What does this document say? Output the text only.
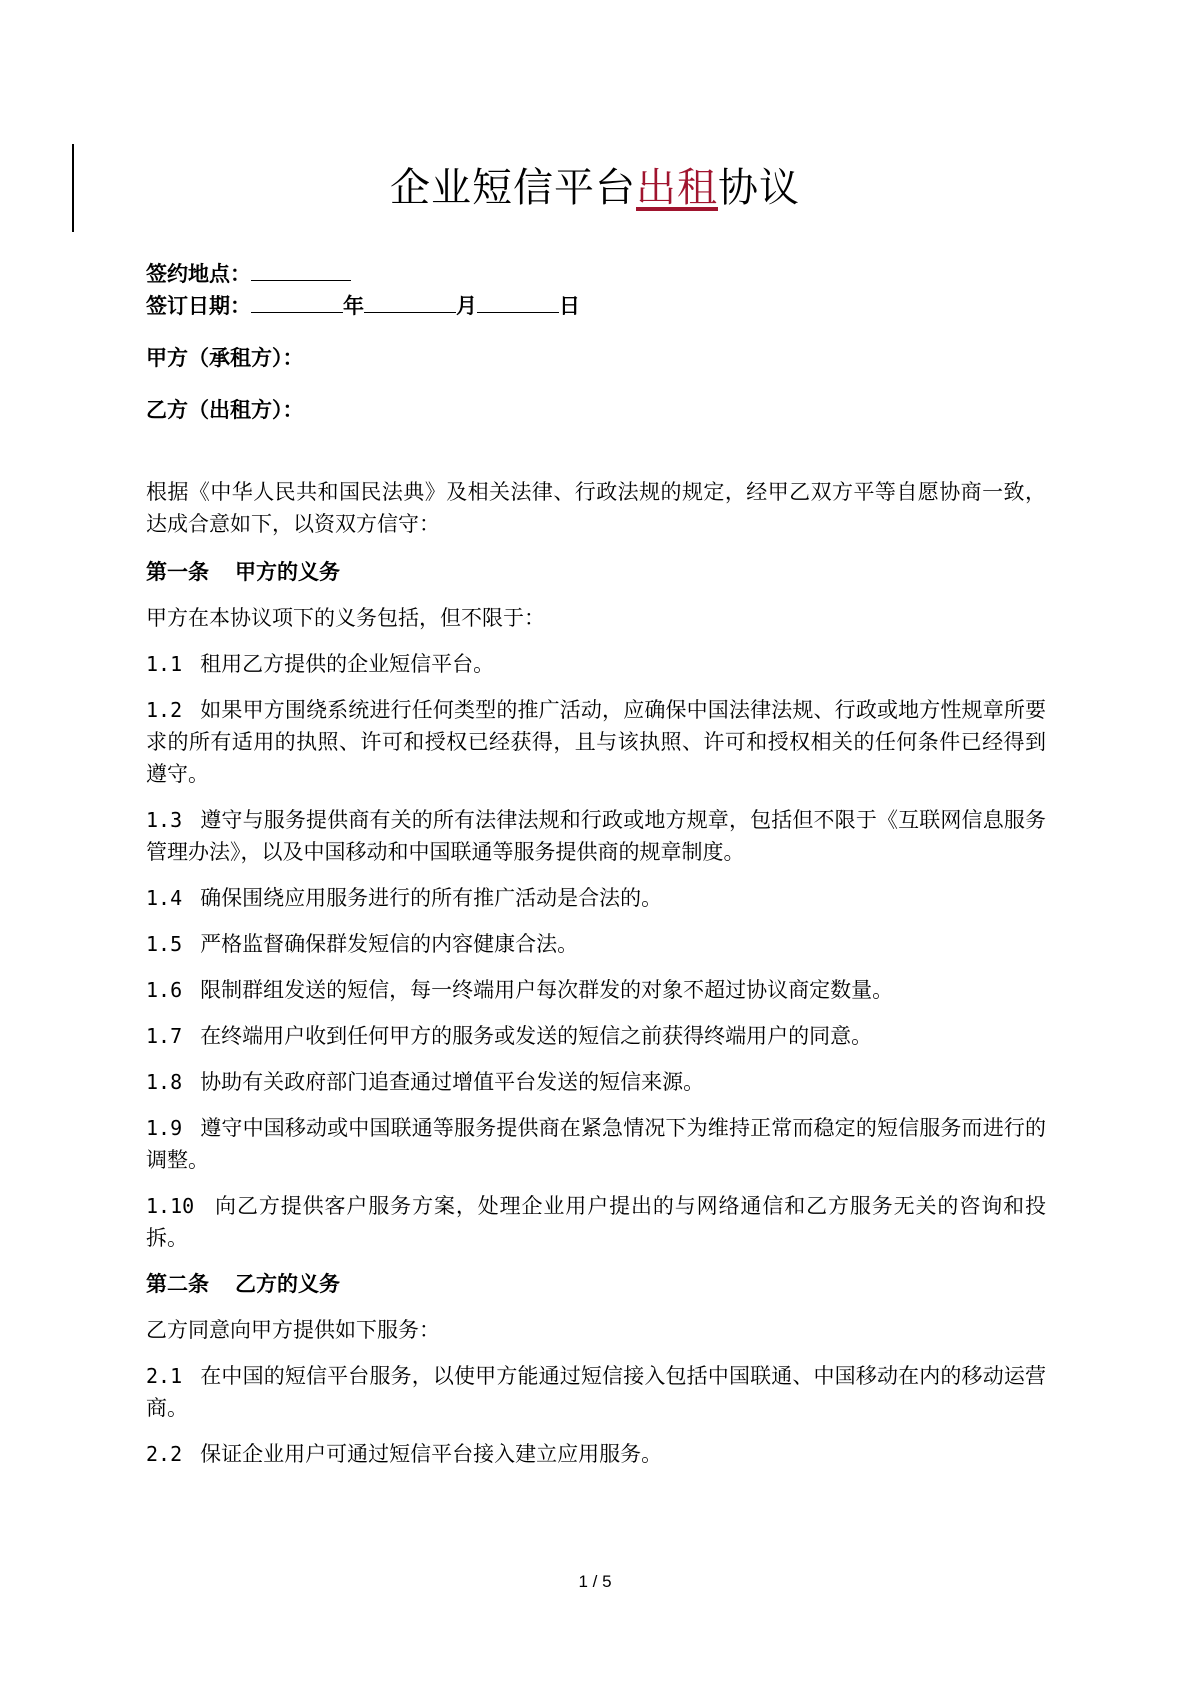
企业短信平台出租协议
签约地点：
签订日期：	年	月	日
甲方（承租方）：
乙方（出租方）：
根据《中华人民共和国民法典》及相关法律、行政法规的规定，经甲乙双方平等自愿协商一致，达成合意如下，以资双方信守：
第一条 甲方的义务
甲方在本协议项下的义务包括，但不限于：
1.1 租用乙方提供的企业短信平台。
1.2 如果甲方围绕系统进行任何类型的推广活动，应确保中国法律法规、行政或地方性规章所要求的所有适用的执照、许可和授权已经获得，且与该执照、许可和授权相关的任何条件已经得到遵守。
1.3 遵守与服务提供商有关的所有法律法规和行政或地方规章，包括但不限于《互联网信息服务管理办法》，以及中国移动和中国联通等服务提供商的规章制度。
1.4 确保围绕应用服务进行的所有推广活动是合法的。
1.5 严格监督确保群发短信的内容健康合法。
1.6 限制群组发送的短信，每一终端用户每次群发的对象不超过协议商定数量。
1.7 在终端用户收到任何甲方的服务或发送的短信之前获得终端用户的同意。
1.8 协助有关政府部门追查通过增值平台发送的短信来源。
1.9 遵守中国移动或中国联通等服务提供商在紧急情况下为维持正常而稳定的短信服务而进行的调整。
1.10 向乙方提供客户服务方案，处理企业用户提出的与网络通信和乙方服务无关的咨询和投拆。
第二条 乙方的义务
乙方同意向甲方提供如下服务：
2.1 在中国的短信平台服务，以使甲方能通过短信接入包括中国联通、中国移动在内的移动运营商。
2.2 保证企业用户可通过短信平台接入建立应用服务。
1 / 5
